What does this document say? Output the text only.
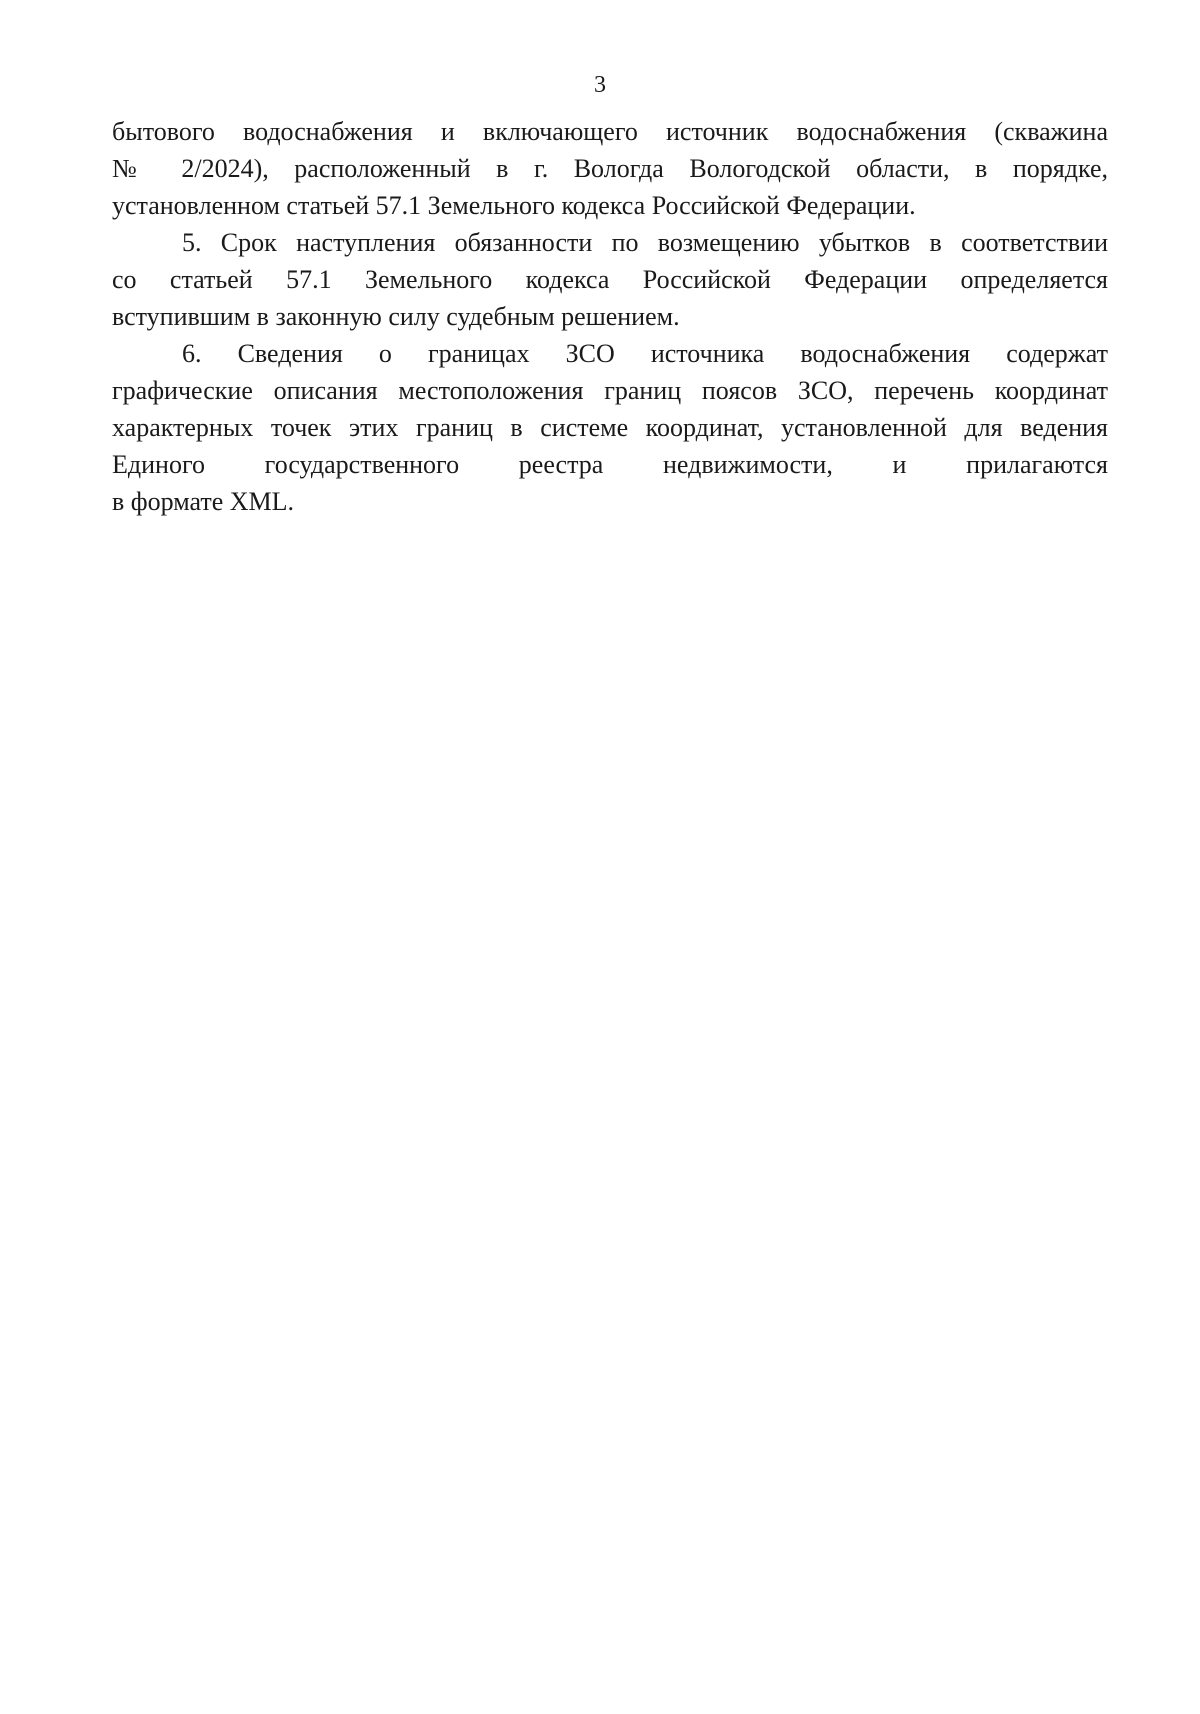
3
бытового водоснабжения и включающего источник водоснабжения (скважина
№ 2/2024), расположенный в г. Вологда Вологодской области, в порядке,
установленном статьей 57.1 Земельного кодекса Российской Федерации.
5. Срок наступления обязанности по возмещению убытков в соответствии
со статьей 57.1 Земельного кодекса Российской Федерации определяется
вступившим в законную силу судебным решением.
6. Сведения о границах ЗСО источника водоснабжения содержат
графические описания местоположения границ поясов ЗСО, перечень координат
характерных точек этих границ в системе координат, установленной для ведения
Единого государственного реестра недвижимости, и прилагаются
в формате XML.
